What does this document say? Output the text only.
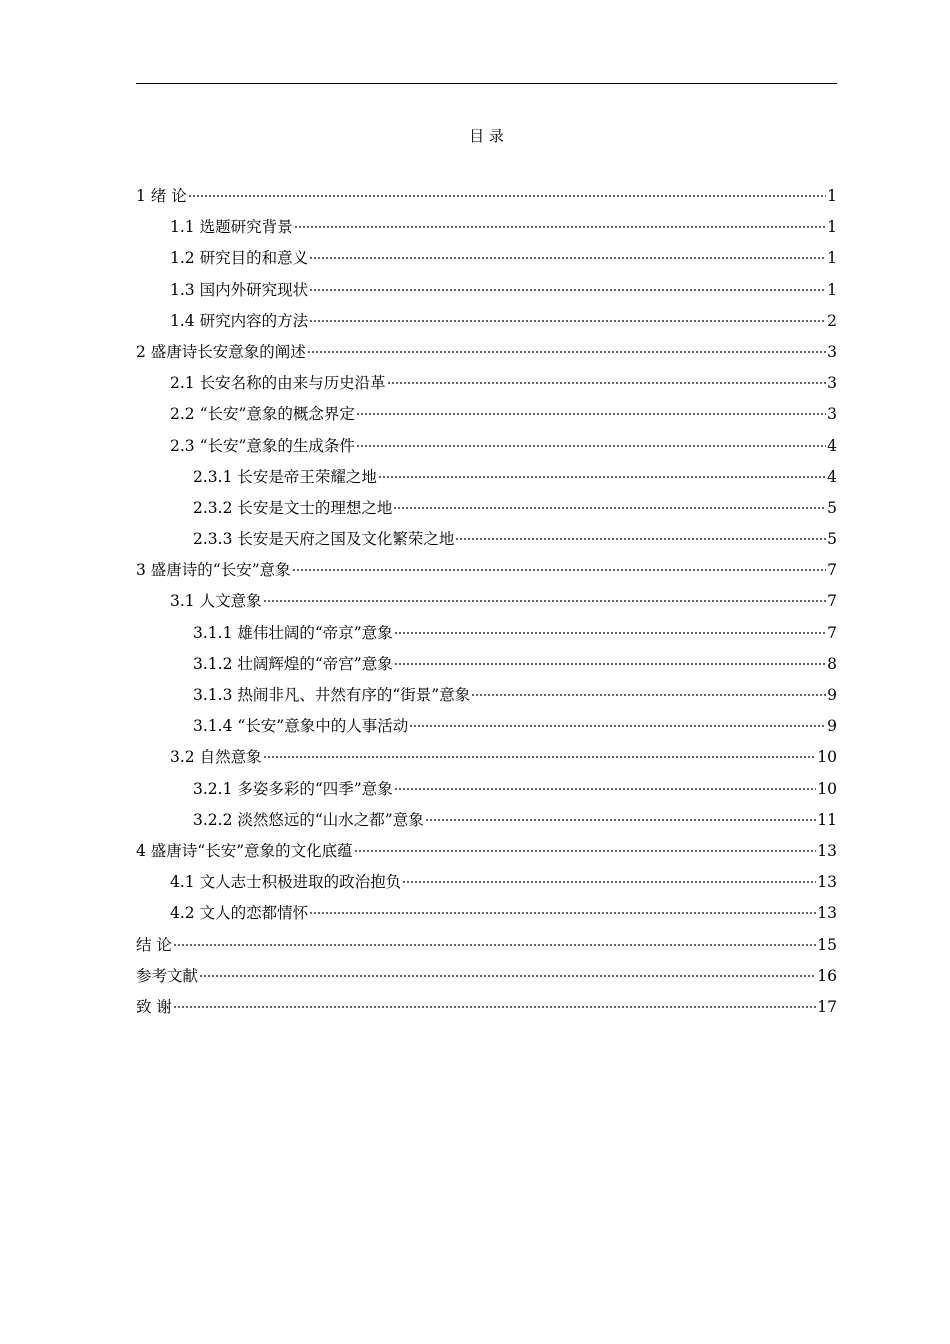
目 录
1 绪 论	1
1.1 选题研究背景	1
1.2 研究目的和意义	1
1.3 国内外研究现状	1
1.4 研究内容的方法	2
2 盛唐诗长安意象的阐述	3
2.1 长安名称的由来与历史沿革	3
2.2 “长安”意象的概念界定	3
2.3 “长安”意象的生成条件	4
2.3.1 长安是帝王荣耀之地	4
2.3.2 长安是文士的理想之地	5
2.3.3 长安是天府之国及文化繁荣之地	5
3 盛唐诗的“长安”意象	7
3.1 人文意象	7
3.1.1 雄伟壮阔的“帝京”意象	7
3.1.2 壮阔辉煌的“帝宫”意象	8
3.1.3 热闹非凡、井然有序的“街景”意象	9
3.1.4 “长安”意象中的人事活动	9
3.2 自然意象	10
3.2.1 多姿多彩的“四季”意象	10
3.2.2 淡然悠远的“山水之都”意象	11
4 盛唐诗“长安”意象的文化底蕴	13
4.1 文人志士积极进取的政治抱负	13
4.2 文人的恋都情怀	13
结 论	15
参考文献	16
致 谢	17
